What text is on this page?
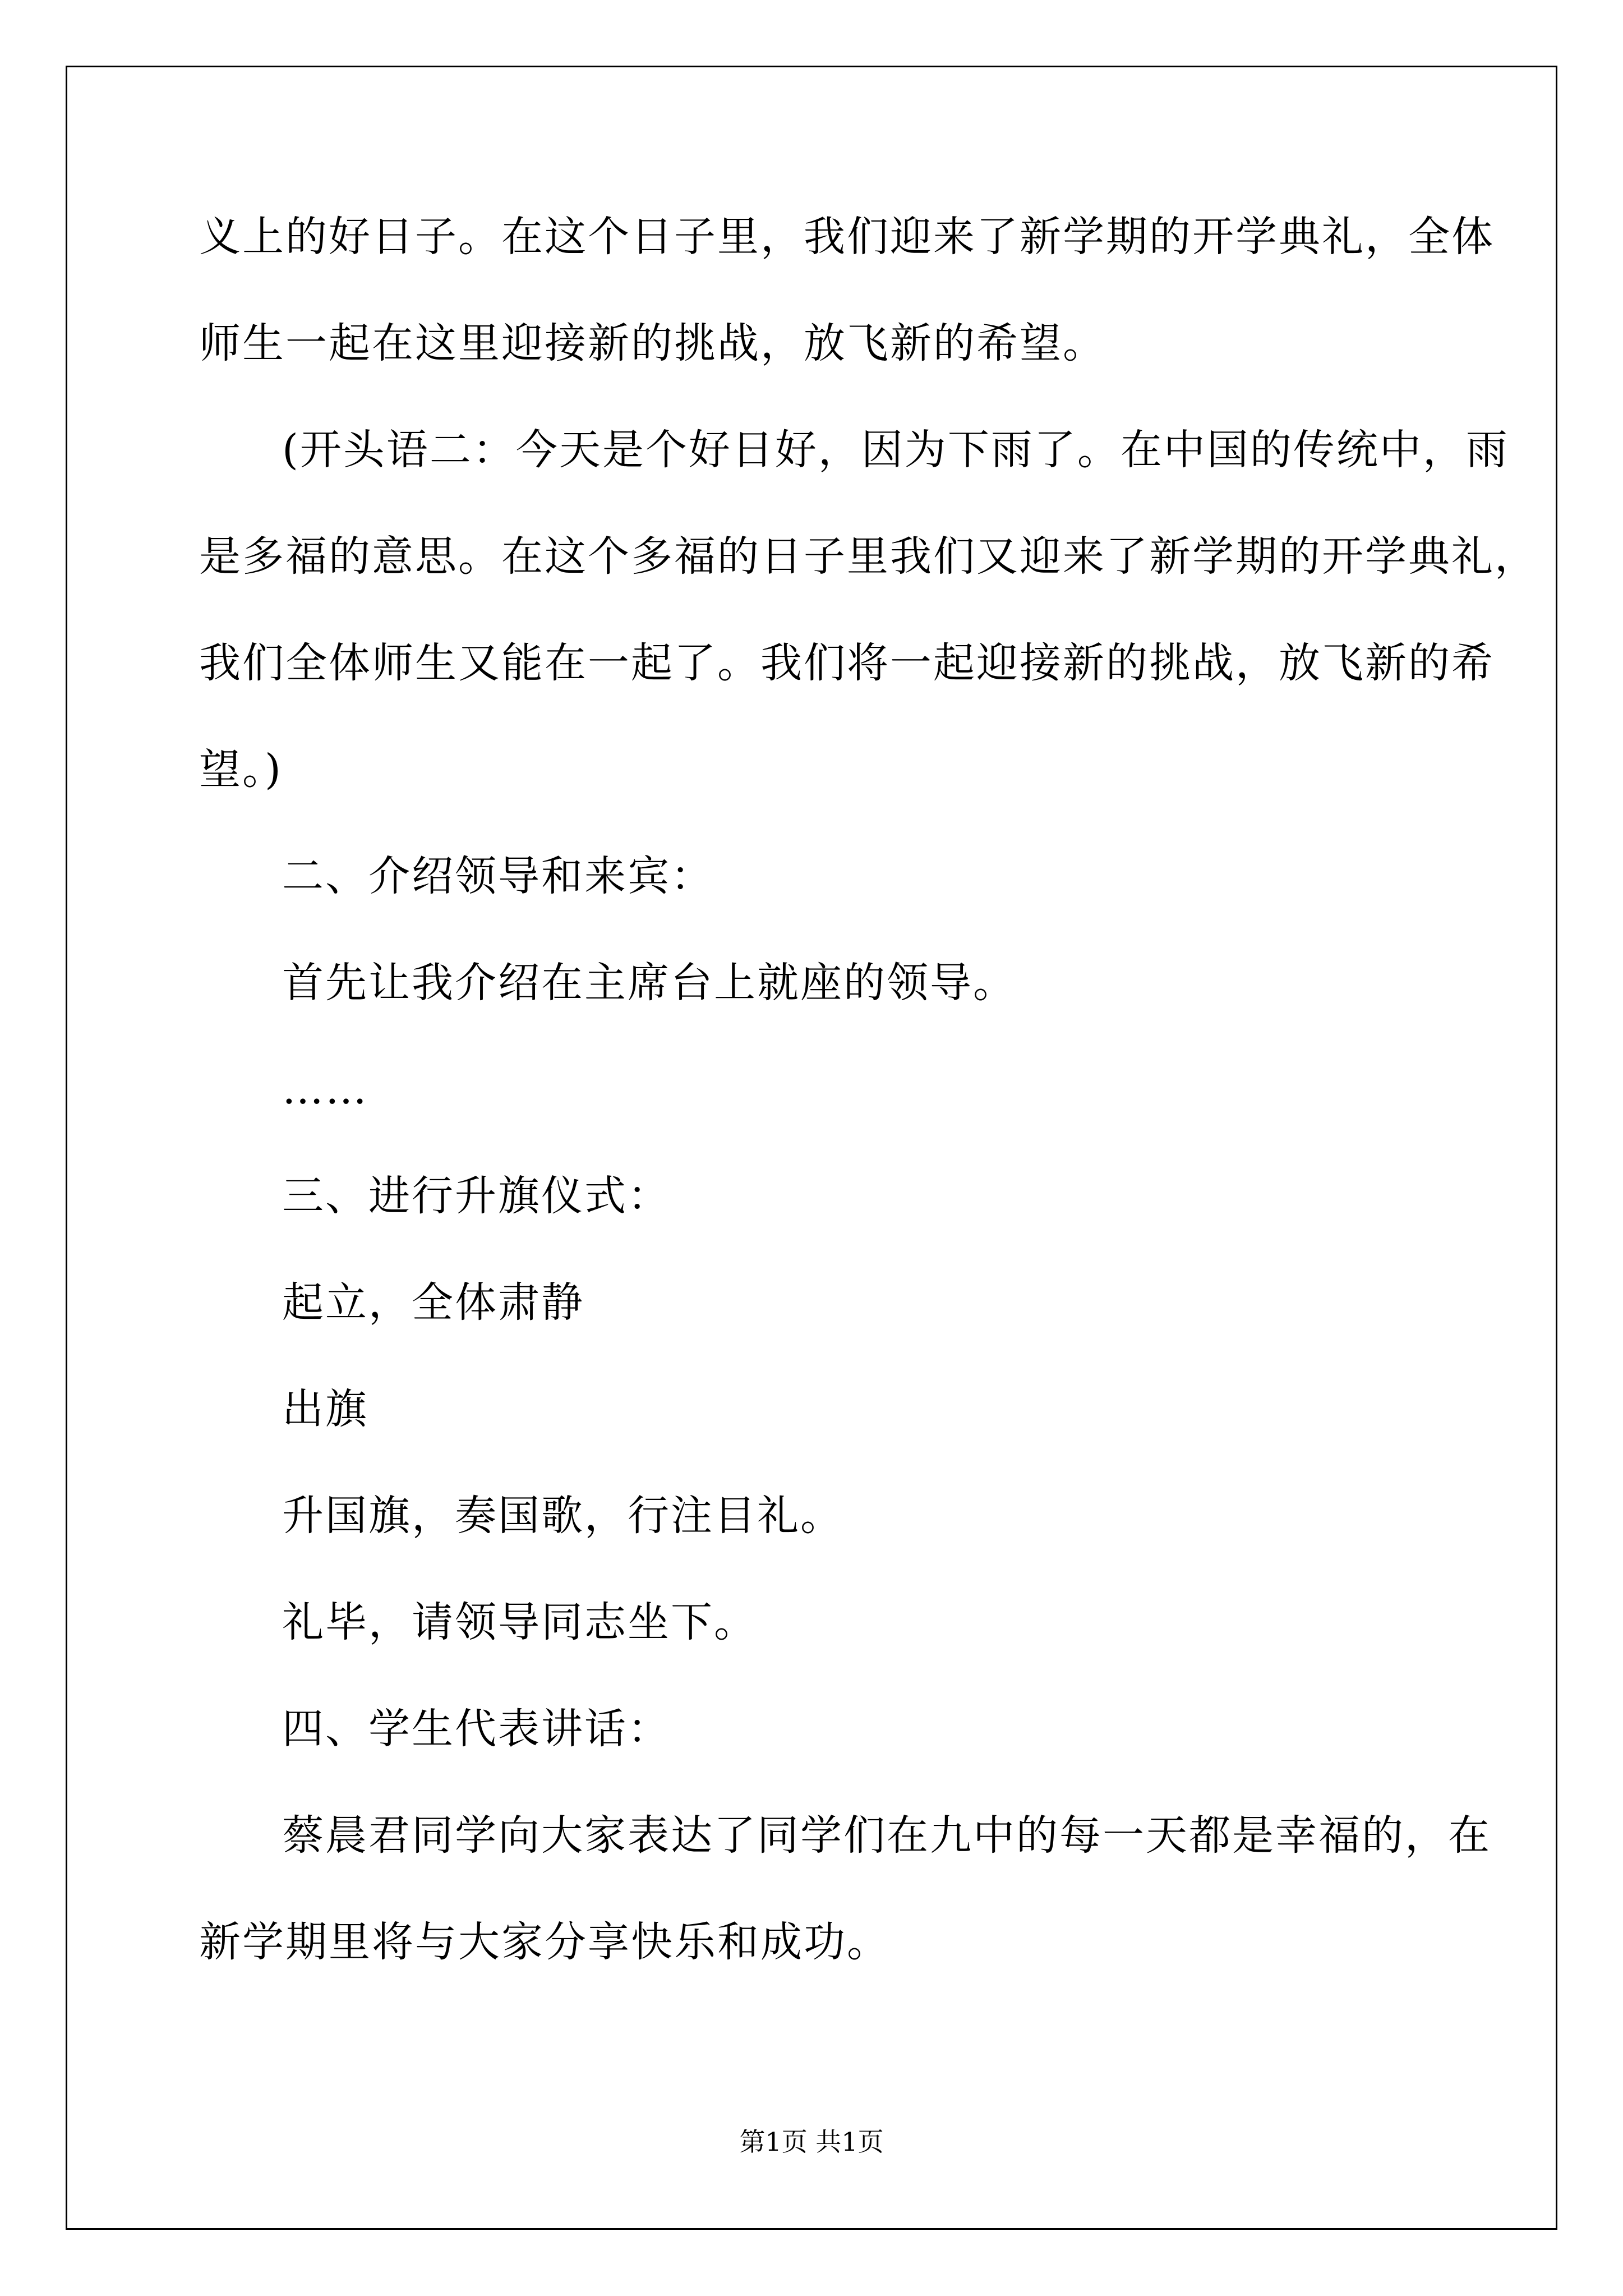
义上的好日子。在这个日子里，我们迎来了新学期的开学典礼，全体
师生一起在这里迎接新的挑战，放飞新的希望。
(开头语二：今天是个好日好，因为下雨了。在中国的传统中，雨
是多福的意思。在这个多福的日子里我们又迎来了新学期的开学典礼，
我们全体师生又能在一起了。我们将一起迎接新的挑战，放飞新的希
望。)
二、介绍领导和来宾：
首先让我介绍在主席台上就座的领导。
……
三、进行升旗仪式：
起立，全体肃静
出旗
升国旗，奏国歌，行注目礼。
礼毕，请领导同志坐下。
四、学生代表讲话：
蔡晨君同学向大家表达了同学们在九中的每一天都是幸福的，在
新学期里将与大家分享快乐和成功。
第1页 共1页
